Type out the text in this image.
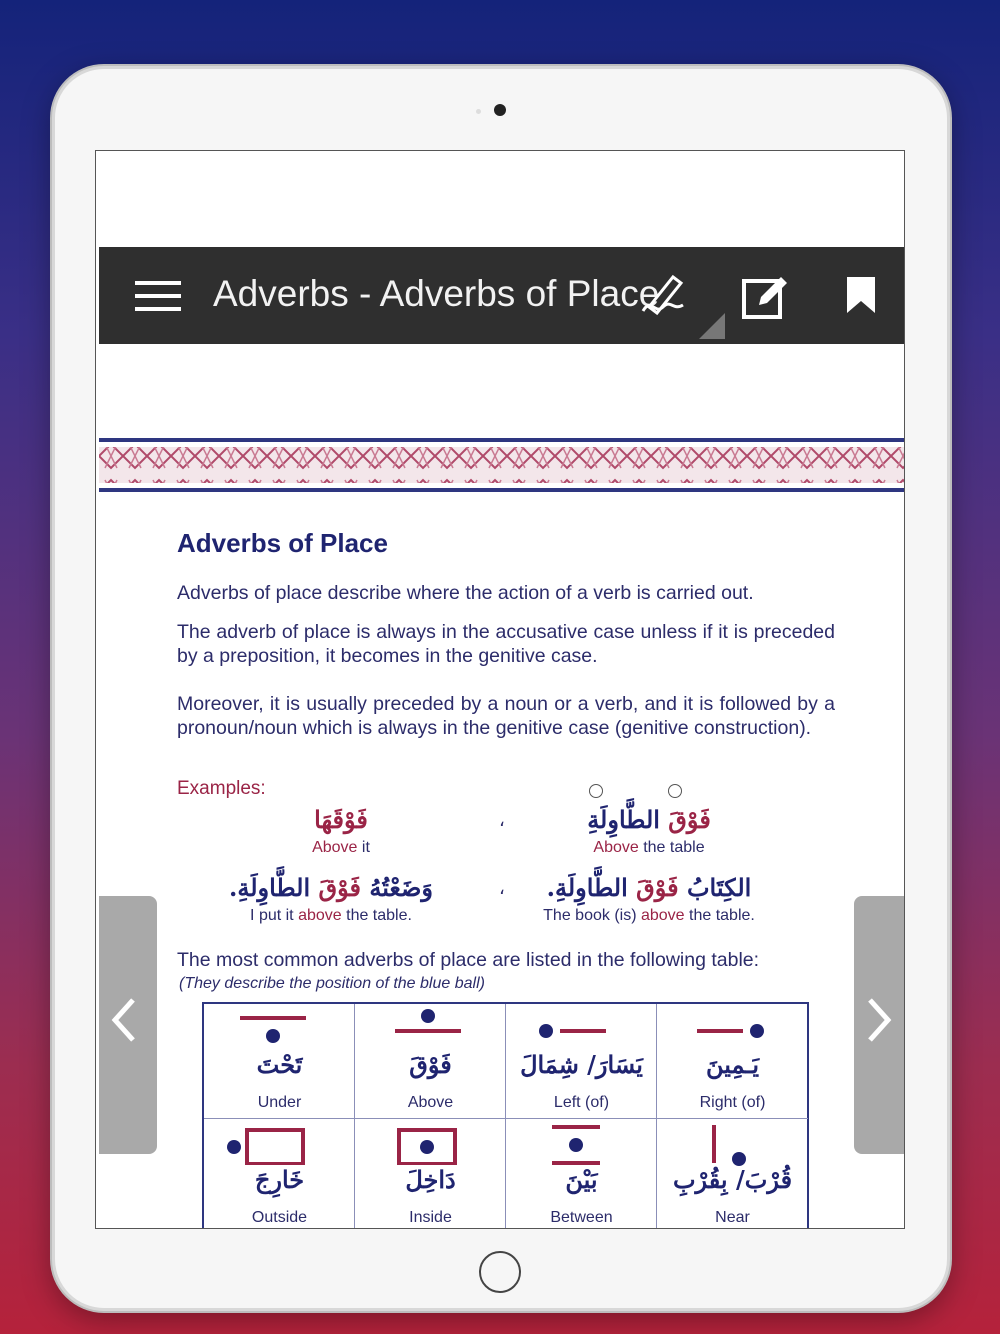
Adverbs - Adverbs of Place
Adverbs of Place
Adverbs of place describe where the action of a verb is carried out.
The adverb of place is always in the accusative case unless if it is preceded by a preposition, it becomes in the genitive case.
Moreover, it is usually preceded by a noun or a verb, and it is followed by a pronoun/noun which is always in the genitive case (genitive construction).
Examples:
فَوْقَ الطَّاوِلَةِ
Above the table
،
فَوْقَهَا
Above it
الكِتَابُ فَوْقَ الطَّاوِلَةِ.
The book (is) above the table.
،
وَضَعْتُهُ فَوْقَ الطَّاوِلَةِ.
I put it above the table.
The most common adverbs of place are listed in the following table:
(They describe the position of the blue ball)
تَحْتَ
Under
فَوْقَ
Above
يَسَارَ/ شِمَالَ
Left (of)
يَـمِينَ
Right (of)
خَارِجَ
Outside
دَاخِلَ
Inside
بَيْنَ
Between
قُرْبَ/ بِقُرْبِ
Near
